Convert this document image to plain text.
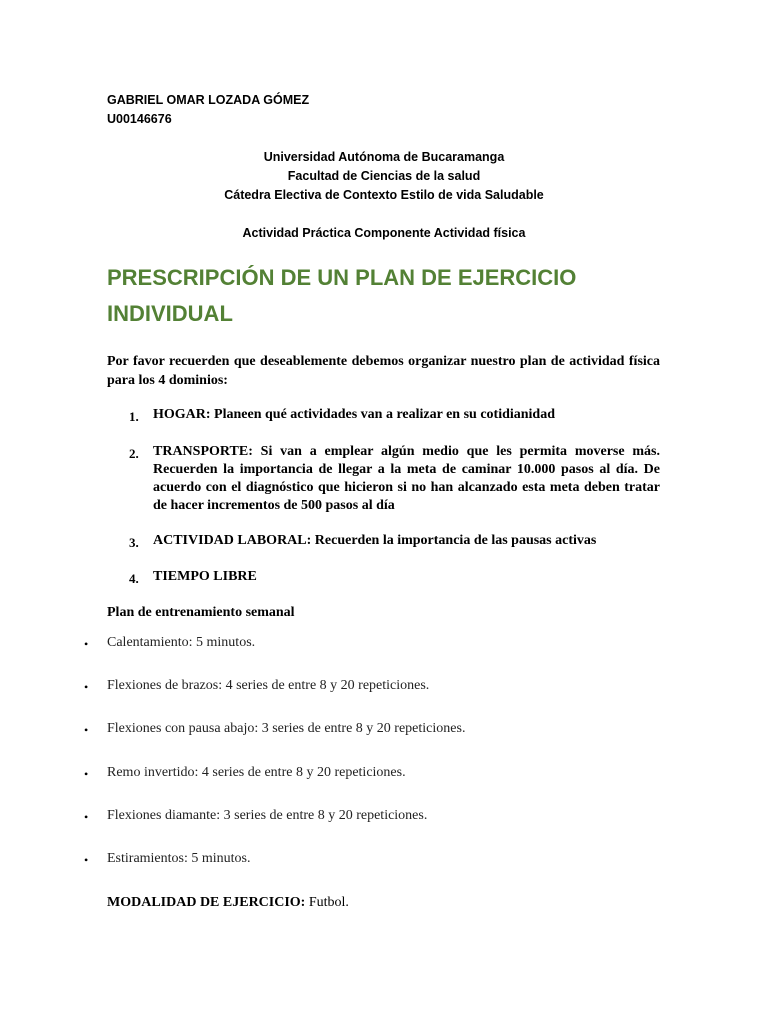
GABRIEL OMAR LOZADA GÓMEZ
U00146676
Universidad Autónoma de Bucaramanga
Facultad de Ciencias de la salud
Cátedra Electiva de Contexto Estilo de vida Saludable
Actividad Práctica Componente Actividad física
PRESCRIPCIÓN DE UN PLAN DE EJERCICIO
INDIVIDUAL
Por favor recuerden que deseablemente debemos organizar nuestro plan de actividad física para los 4 dominios:
1. HOGAR: Planeen qué actividades van a realizar en su cotidianidad
2. TRANSPORTE: Si van a emplear algún medio que les permita moverse más. Recuerden la importancia de llegar a la meta de caminar 10.000 pasos al día. De acuerdo con el diagnóstico que hicieron si no han alcanzado esta meta deben tratar de hacer incrementos de 500 pasos al día
3. ACTIVIDAD LABORAL: Recuerden la importancia de las pausas activas
4. TIEMPO LIBRE
Plan de entrenamiento semanal
• Calentamiento: 5 minutos.
• Flexiones de brazos: 4 series de entre 8 y 20 repeticiones.
• Flexiones con pausa abajo: 3 series de entre 8 y 20 repeticiones.
• Remo invertido: 4 series de entre 8 y 20 repeticiones.
• Flexiones diamante: 3 series de entre 8 y 20 repeticiones.
• Estiramientos: 5 minutos.
MODALIDAD DE EJERCICIO: Futbol.
